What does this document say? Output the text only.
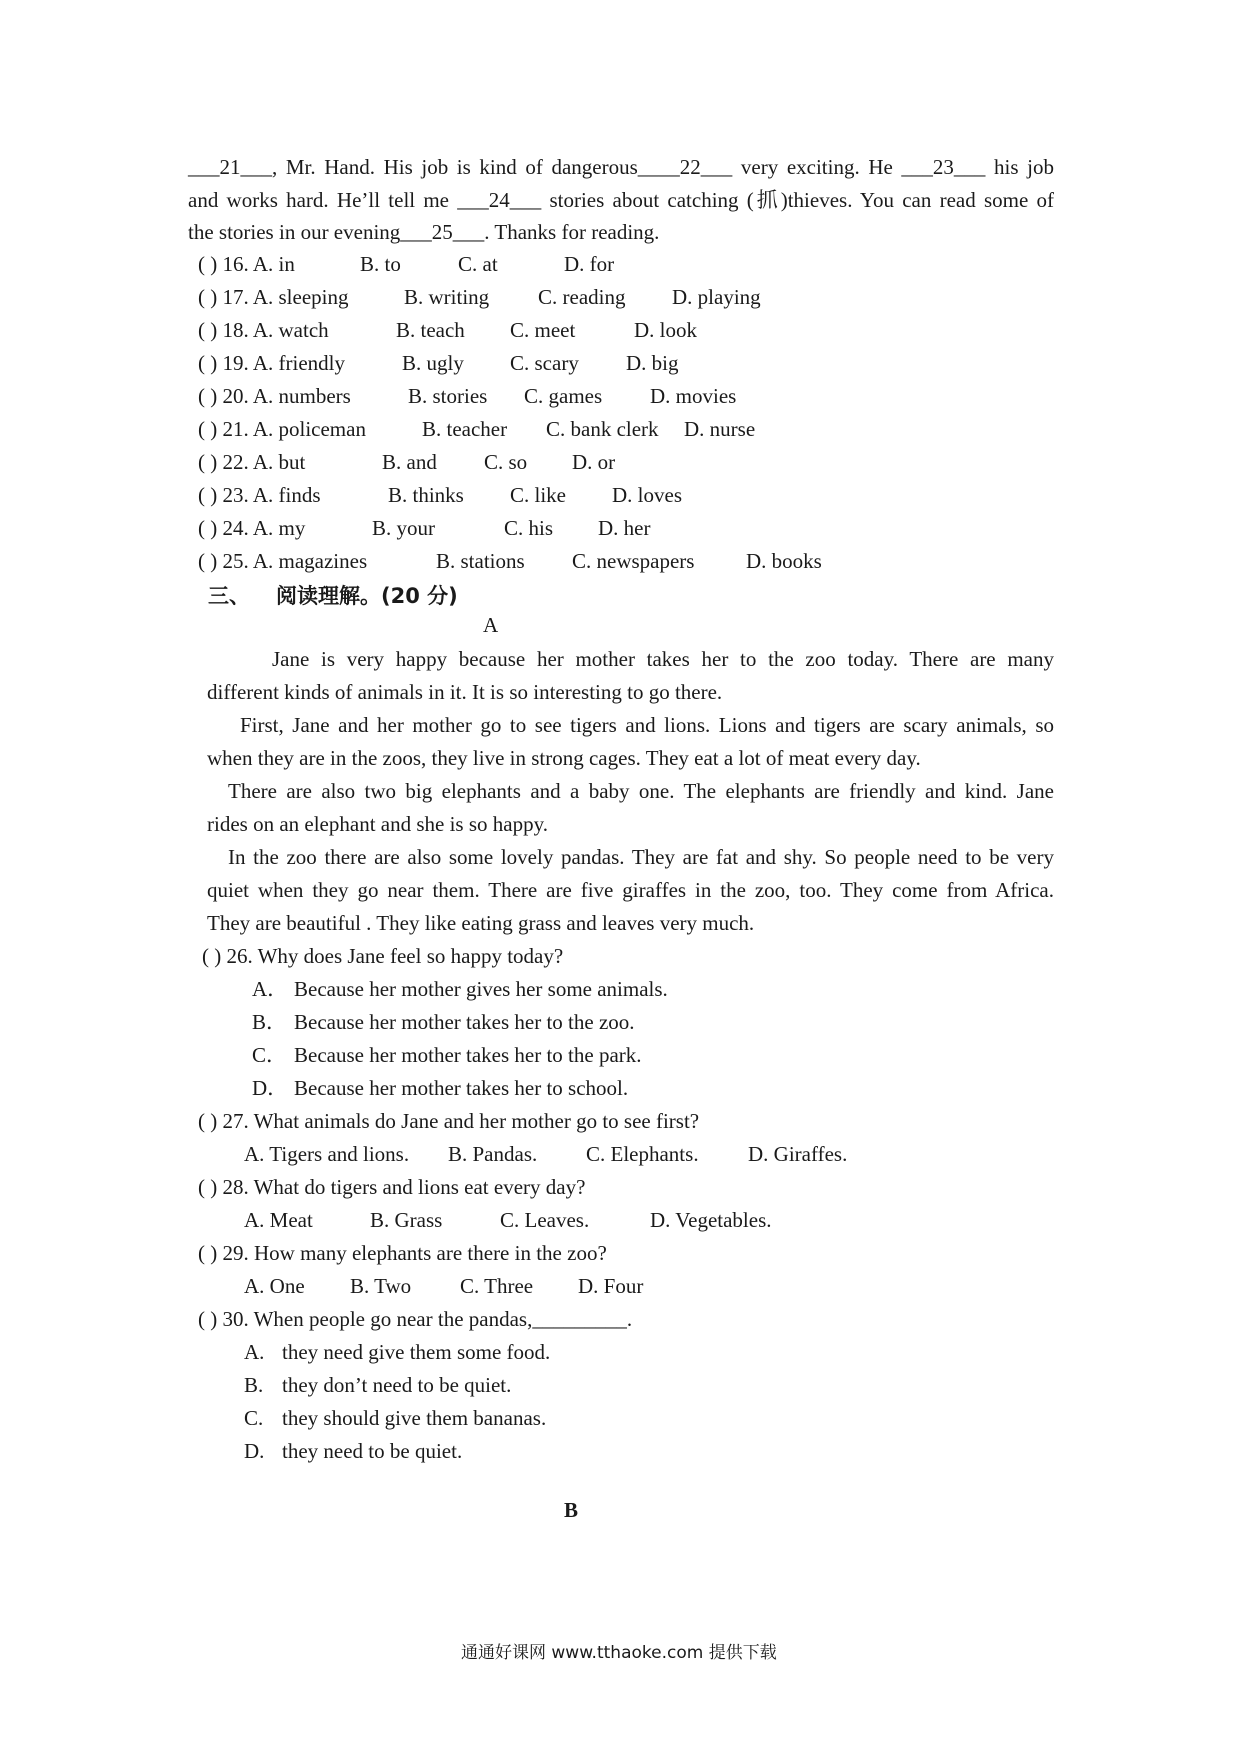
___21___, Mr. Hand. His job is kind of dangerous____22___ very exciting. He ___23___ his job
and works hard. He’ll tell me ___24___ stories about catching (抓)thieves. You can read some of
the stories in our evening___25___. Thanks for reading.
( ) 16. A. in	B. to	C. at	D. for
( ) 17. A. sleeping	B. writing C. reading D. playing
( ) 18. A. watch	B. teach C. meet	D. look
( ) 19. A. friendly	B. ugly C. scary D. big
( ) 20. A. numbers	B. stories C. games D. movies
( ) 21. A. policeman	B. teacher C. bank clerk D. nurse
( ) 22. A. but	B. and C. so D. or
( ) 23. A. finds	B. thinks C. like D. loves
( ) 24. A. my	B. your	C. his D. her
( ) 25. A. magazines	B. stations C. newspapers D. books
三、 阅读理解。(20 分)
A
Jane is very happy because her mother takes her to the zoo today. There are many
different kinds of animals in it. It is so interesting to go there.
First, Jane and her mother go to see tigers and lions. Lions and tigers are scary animals, so
when they are in the zoos, they live in strong cages. They eat a lot of meat every day.
There are also two big elephants and a baby one. The elephants are friendly and kind. Jane
rides on an elephant and she is so happy.
In the zoo there are also some lovely pandas. They are fat and shy. So people need to be very
quiet when they go near them. There are five giraffes in the zoo, too. They come from Africa.
They are beautiful . They like eating grass and leaves very much.
( ) 26. Why does Jane feel so happy today?
A． Because her mother gives her some animals.
B． Because her mother takes her to the zoo.
C． Because her mother takes her to the park.
D． Because her mother takes her to school.
( ) 27. What animals do Jane and her mother go to see first?
A. Tigers and lions. B. Pandas. C. Elephants. D. Giraffes.
( ) 28. What do tigers and lions eat every day?
A. Meat	B. Grass	C. Leaves.	D. Vegetables.
( ) 29. How many elephants are there in the zoo?
A. One B. Two C. Three D. Four
( ) 30. When people go near the pandas,_________.
A. they need give them some food.
B. they don’t need to be quiet.
C. they should give them bananas.
D. they need to be quiet.
B
通通好课网 www.tthaoke.com 提供下载
